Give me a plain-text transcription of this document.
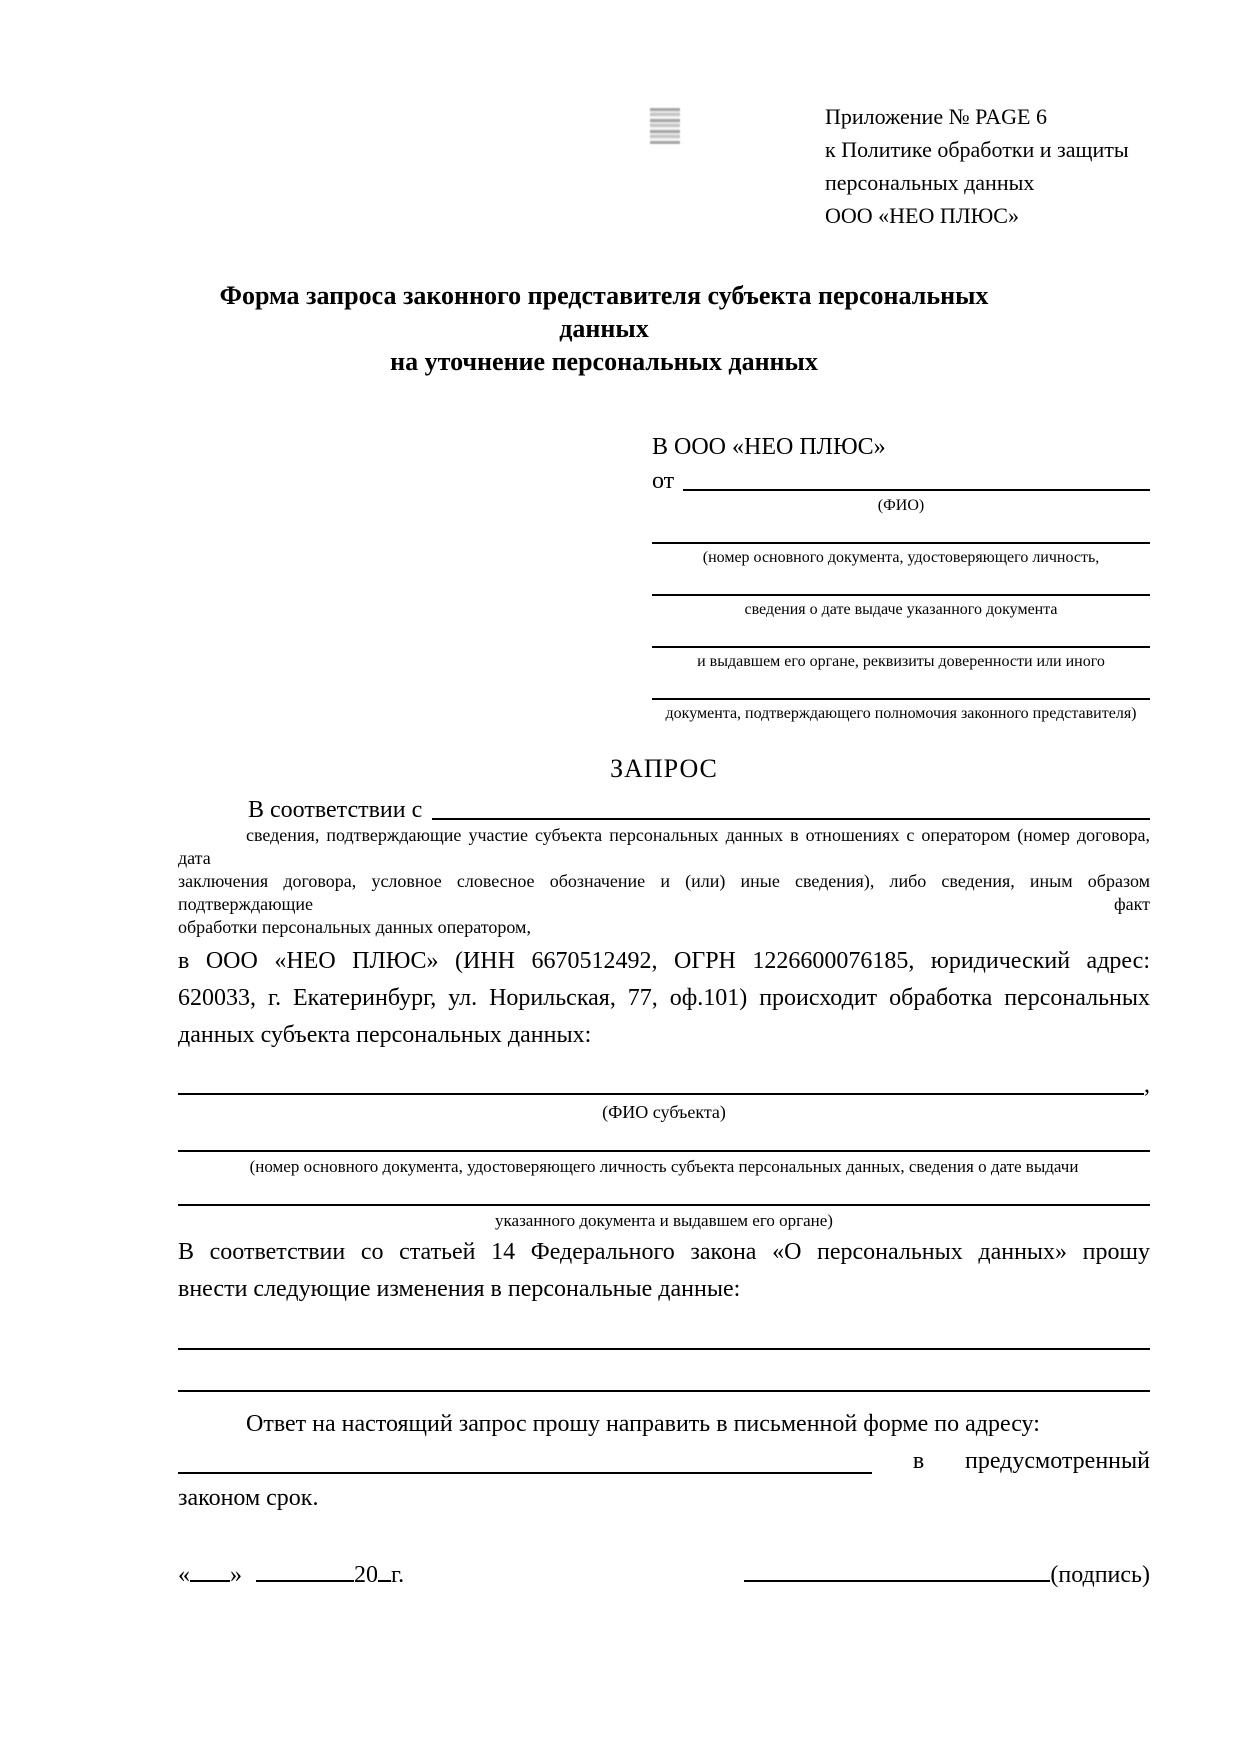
Приложение № PAGE 6
к Политике обработки и защиты
персональных данных
ООО «НЕО ПЛЮС»
Форма запроса законного представителя субъекта персональных данных
на уточнение персональных данных
В ООО «НЕО ПЛЮС»
от
(ФИО)
(номер основного документа, удостоверяющего личность,
сведения о дате выдаче указанного документа
и выдавшем его органе, реквизиты доверенности или иного
документа, подтверждающего полномочия законного представителя)
ЗАПРОС
В соответствии с
сведения, подтверждающие участие субъекта персональных данных в отношениях с оператором (номер договора, дата
заключения договора, условное словесное обозначение и (или) иные сведения), либо сведения, иным образом подтверждающие факт
обработки персональных данных оператором,
в ООО «НЕО ПЛЮС» (ИНН 6670512492, ОГРН 1226600076185, юридический адрес:
620033, г. Екатеринбург, ул. Норильская, 77, оф.101) происходит обработка персональных
данных субъекта персональных данных:
,
(ФИО субъекта)
(номер основного документа, удостоверяющего личность субъекта персональных данных, сведения о дате выдачи
указанного документа и выдавшем его органе)
В соответствии со статьей 14 Федерального закона «О персональных данных» прошу
внести следующие изменения в персональные данные:
Ответ на настоящий запрос прошу направить в письменной форме по адресу:
в предусмотренный
законом срок.
« »	20 г.	(подпись)
